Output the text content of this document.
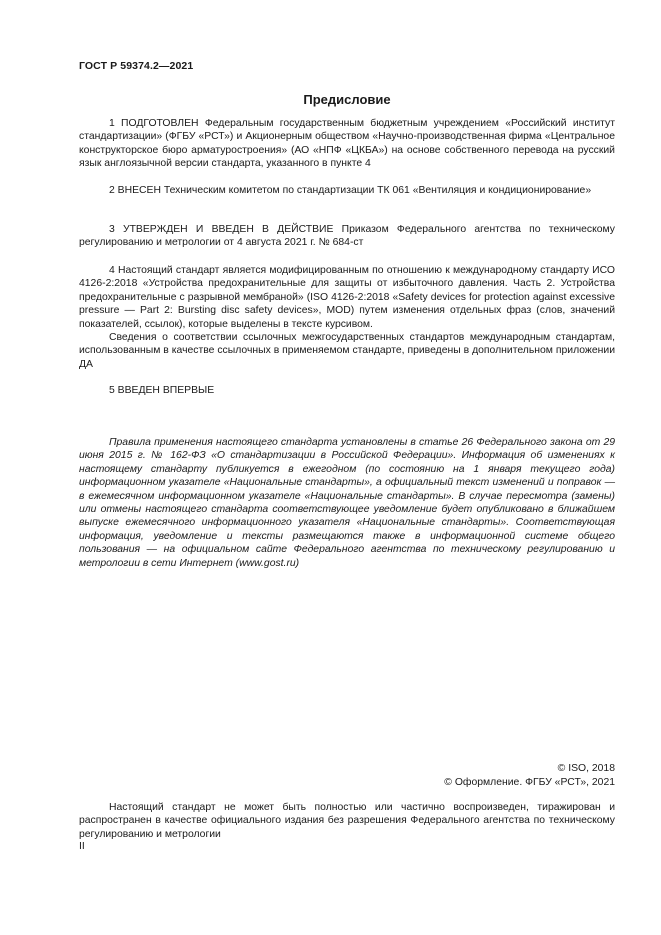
ГОСТ Р 59374.2—2021
Предисловие

1 ПОДГОТОВЛЕН Федеральным государственным бюджетным учреждением «Российский институт стандартизации» (ФГБУ «РСТ») и Акционерным обществом «Научно-производственная фирма «Центральное конструкторское бюро арматуростроения» (АО «НПФ «ЦКБА») на основе собственного перевода на русский язык англоязычной версии стандарта, указанного в пункте 4

2 ВНЕСЕН Техническим комитетом по стандартизации ТК 061 «Вентиляция и кондиционирование»

3 УТВЕРЖДЕН И ВВЕДЕН В ДЕЙСТВИЕ Приказом Федерального агентства по техническому регулированию и метрологии от 4 августа 2021 г. № 684-ст

4 Настоящий стандарт является модифицированным по отношению к международному стандарту ИСО 4126-2:2018 «Устройства предохранительные для защиты от избыточного давления. Часть 2. Устройства предохранительные с разрывной мембраной» (ISO 4126-2:2018 «Safety devices for protection against excessive pressure — Part 2: Bursting disc safety devices», MOD) путем изменения отдельных фраз (слов, значений показателей, ссылок), которые выделены в тексте курсивом.

Сведения о соответствии ссылочных межгосударственных стандартов международным стандартам, использованным в качестве ссылочных в применяемом стандарте, приведены в дополнительном приложении ДА

5 ВВЕДЕН ВПЕРВЫЕ

Правила применения настоящего стандарта установлены в статье 26 Федерального закона от 29 июня 2015 г. № 162-ФЗ «О стандартизации в Российской Федерации». Информация об изменениях к настоящему стандарту публикуется в ежегодном (по состоянию на 1 января текущего года) информационном указателе «Национальные стандарты», а официальный текст изменений и поправок — в ежемесячном информационном указателе «Национальные стандарты». В случае пересмотра (замены) или отмены настоящего стандарта соответствующее уведомление будет опубликовано в ближайшем выпуске ежемесячного информационного указателя «Национальные стандарты». Соответствующая информация, уведомление и тексты размещаются также в информационной системе общего пользования — на официальном сайте Федерального агентства по техническому регулированию и метрологии в сети Интернет (www.gost.ru)

© ISO, 2018
© Оформление. ФГБУ «РСТ», 2021

Настоящий стандарт не может быть полностью или частично воспроизведен, тиражирован и распространен в качестве официального издания без разрешения Федерального агентства по техническому регулированию и метрологии

II
